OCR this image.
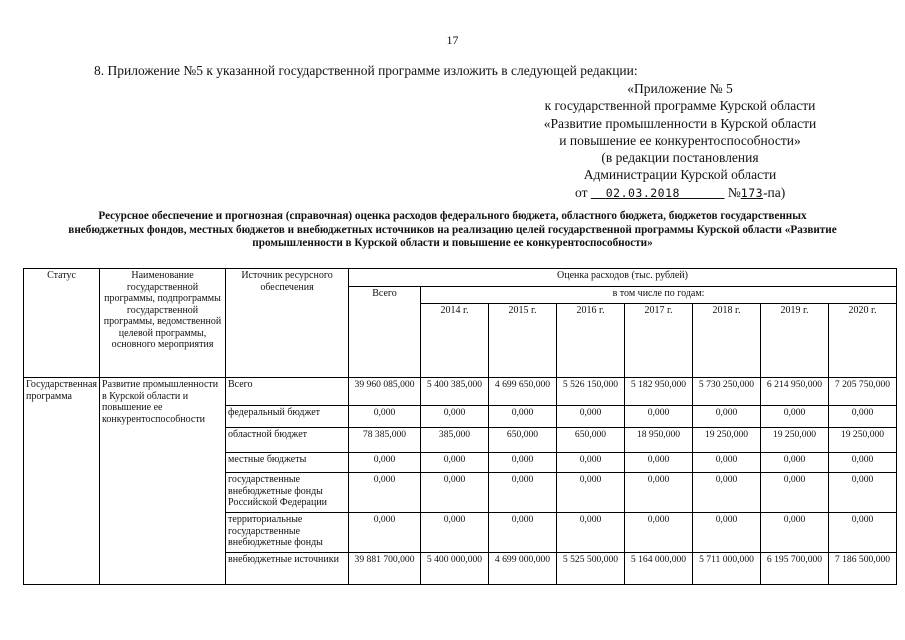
17
8. Приложение №5 к указанной государственной программе изложить в следующей редакции:
«Приложение № 5
к государственной программе Курской области
«Развитие промышленности в Курской области
и повышение ее конкурентоспособности»
(в редакции постановления
Администрации Курской области
от 02.03.2018	№173-па)
Ресурсное обеспечение и прогнозная (справочная) оценка расходов федерального бюджета, областного бюджета, бюджетов государственных внебюджетных фондов, местных бюджетов и внебюджетных источников на реализацию целей государственной программы Курской области «Развитие промышленности в Курской области и повышение ее конкурентоспособности»
Статус	Наименование государственной программы, подпрограммы государственной программы, ведомственной целевой программы, основного мероприятия	Источник ресурсного обеспечения	Оценка расходов (тыс. рублей)							
			Всего	в том числе по годам:						
				2014 г.	2015 г.	2016 г.	2017 г.	2018 г.	2019 г.	2020 г.
Государственная программа	Развитие промышленности в Курской области и повышение ее конкурентоспособности	Всего	39 960 085,000	5 400 385,000	4 699 650,000	5 526 150,000	5 182 950,000	5 730 250,000	6 214 950,000	7 205 750,000
		федеральный бюджет	0,000	0,000	0,000	0,000	0,000	0,000	0,000	0,000
		областной бюджет	78 385,000	385,000	650,000	650,000	18 950,000	19 250,000	19 250,000	19 250,000
		местные бюджеты	0,000	0,000	0,000	0,000	0,000	0,000	0,000	0,000
		государственные внебюджетные фонды Российской Федерации	0,000	0,000	0,000	0,000	0,000	0,000	0,000	0,000
		территориальные государственные внебюджетные фонды	0,000	0,000	0,000	0,000	0,000	0,000	0,000	0,000
		внебюджетные источники	39 881 700,000	5 400 000,000	4 699 000,000	5 525 500,000	5 164 000,000	5 711 000,000	6 195 700,000	7 186 500,000
